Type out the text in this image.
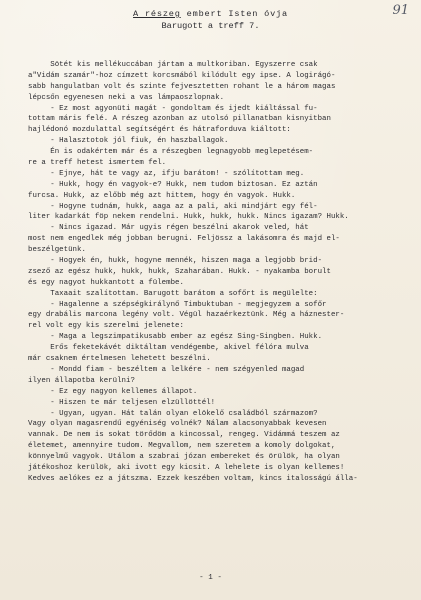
91
A részeg embert Isten óvja
Barugott a treff 7.
Sötét kis mellékuccában jártam a multkoriban. Egyszerre csak
a"Vidám szamár"-hoz címzett korcsmából kilódult egy ipse. A logirágó-
sabb hangulatban volt és szinte fejvesztetten rohant le a három magas
lépcsőn egyenesen neki a vas lámpaoszlopnak.
- Ez most agyonüti magát - gondoltam és ijedt kiáltással fu-
tottam máris felé. A részeg azonban az utolsó pillanatban kisnyitban
hajlédonó mozdulattal segítségért és hátraforduva kiáltott:
- Halasztotok jól fiuk, én haszballagok.
Én is odakértem már és a részegben legnagyobb meglepetésem-
re a treff hetest ismertem fel.
- Ejnye, hát te vagy az, ifju barátom! - szólítottam meg.
- Hukk, hogy én vagyok-e? Hukk, nem tudom biztosan. Ez aztán
furcsa. Hukk, az előbb még azt hittem, hogy én vagyok. Hukk.
- Hogyne tudnám, hukk, aaga az a pali, aki mindjárt egy fél-
liter kadarkát föp nekem rendelni. Hukk, hukk, hukk. Nincs igazam? Hukk.
- Nincs igazad. Már ugyis régen beszélni akarok veled, hát
most nem engedlek még jobban berugni. Feljössz a lakásomra és majd el-
beszélgetünk.
- Hogyek én, hukk, hogyne mennék, hiszen maga a legjobb brid-
zsező az egész hukk, hukk, hukk, Szaharában. Hukk. - nyakamba borult
és egy nagyot hukkantott a fülembe.
Taxaait szalítottam. Barugott barátom a sofőrt is megülelte:
- Hagalenne a szépségkirálynő Timbuktuban - megjegyzem a sofőr
egy drabális marcona legény volt. Végül hazaérkeztünk. Még a háznester-
rel volt egy kis szerelmi jelenete:
- Maga a legszimpatikusabb ember az egész Sing-Singben. Hukk.
Erős feketekávét diktáltam vendégembe, akivel félóra mulva
már csaknem értelmesen lehetett beszélni.
- Mondd fiam - beszéltem a lelkére - nem szégyenled magad
ilyen állapotba kerülni?
- Ez egy nagyon kellemes állapot.
- Hiszen te már teljesen elzüllöttél!
- Ugyan, ugyan. Hát talán olyan elökelő családból származom?
Vagy olyan magasrendű egyéniség volnék? Nálam alacsonyabbak kevesen
vannak. De nem is sokat törődöm a kincossal, rengeg. Vidámmá teszem az
életemet, amennyire tudom. Megvallom, nem szeretem a komoly dolgokat,
könnyelmű vagyok. Utálom a szabrai józan embereket és örülök, ha olyan
játékoshoz kerülök, aki ivott egy kicsit. A lehelete is olyan kellemes!
Kedves aelókes ez a játszma. Ezzek keszében voltam, kincs italosságú álla-
- 1 -
